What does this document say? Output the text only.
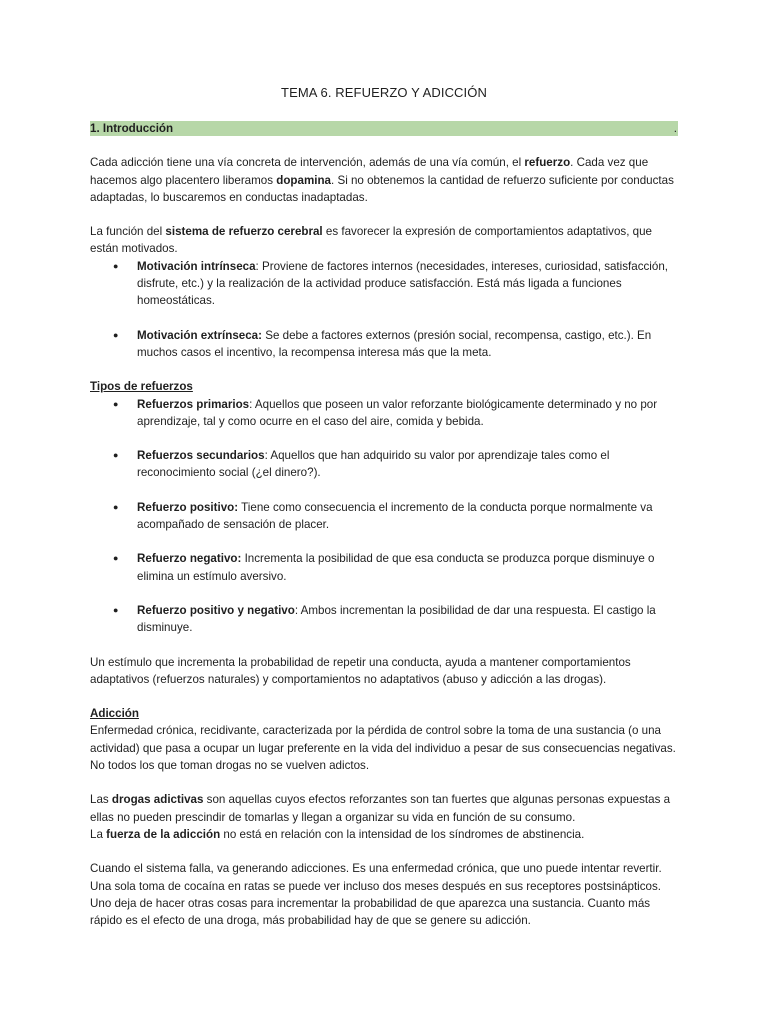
TEMA 6. REFUERZO Y ADICCIÓN
1. Introducción	.

Cada adicción tiene una vía concreta de intervención, además de una vía común, el refuerzo. Cada vez que hacemos algo placentero liberamos dopamina. Si no obtenemos la cantidad de refuerzo suficiente por conductas adaptadas, lo buscaremos en conductas inadaptadas.

La función del sistema de refuerzo cerebral es favorecer la expresión de comportamientos adaptativos, que están motivados.

● Motivación intrínseca: Proviene de factores internos (necesidades, intereses, curiosidad, satisfacción, disfrute, etc.) y la realización de la actividad produce satisfacción. Está más ligada a funciones homeostáticas.
● Motivación extrínseca: Se debe a factores externos (presión social, recompensa, castigo, etc.). En muchos casos el incentivo, la recompensa interesa más que la meta.

Tipos de refuerzos

● Refuerzos primarios: Aquellos que poseen un valor reforzante biológicamente determinado y no por aprendizaje, tal y como ocurre en el caso del aire, comida y bebida.
● Refuerzos secundarios: Aquellos que han adquirido su valor por aprendizaje tales como el reconocimiento social (¿el dinero?).
● Refuerzo positivo: Tiene como consecuencia el incremento de la conducta porque normalmente va acompañado de sensación de placer.
● Refuerzo negativo: Incrementa la posibilidad de que esa conducta se produzca porque disminuye o elimina un estímulo aversivo.
● Refuerzo positivo y negativo: Ambos incrementan la posibilidad de dar una respuesta. El castigo la disminuye.

Un estímulo que incrementa la probabilidad de repetir una conducta, ayuda a mantener comportamientos adaptativos (refuerzos naturales) y comportamientos no adaptativos (abuso y adicción a las drogas).

Adicción

Enfermedad crónica, recidivante, caracterizada por la pérdida de control sobre la toma de una sustancia (o una actividad) que pasa a ocupar un lugar preferente en la vida del individuo a pesar de sus consecuencias negativas. No todos los que toman drogas no se vuelven adictos.

Las drogas adictivas son aquellas cuyos efectos reforzantes son tan fuertes que algunas personas expuestas a ellas no pueden prescindir de tomarlas y llegan a organizar su vida en función de su consumo.

La fuerza de la adicción no está en relación con la intensidad de los síndromes de abstinencia.

Cuando el sistema falla, va generando adicciones. Es una enfermedad crónica, que uno puede intentar revertir. Una sola toma de cocaína en ratas se puede ver incluso dos meses después en sus receptores postsinápticos. Uno deja de hacer otras cosas para incrementar la probabilidad de que aparezca una sustancia. Cuanto más rápido es el efecto de una droga, más probabilidad hay de que se genere su adicción.
